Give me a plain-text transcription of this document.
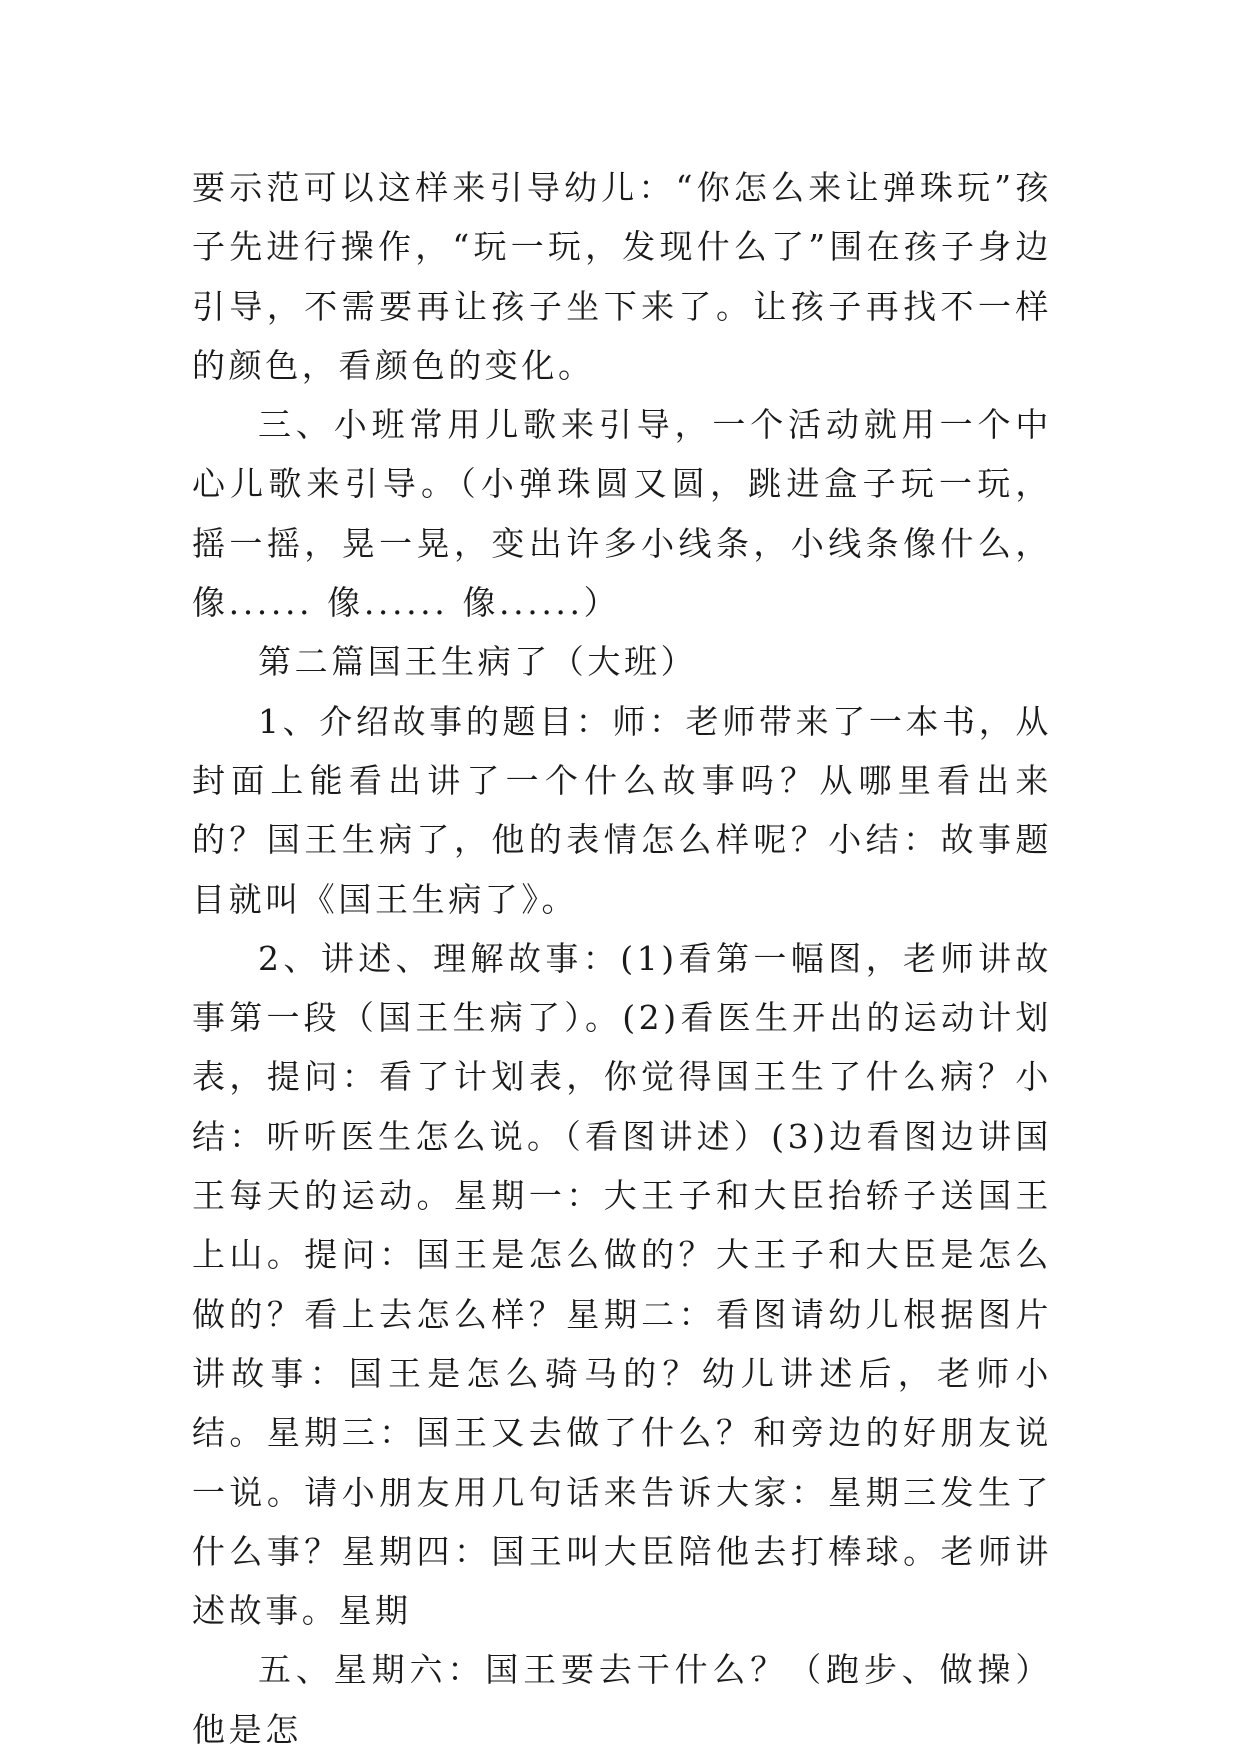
要示范可以这样来引导幼儿：“你怎么来让弹珠玩”孩子先进行操作，“玩一玩，发现什么了”围在孩子身边引导，不需要再让孩子坐下来了。让孩子再找不一样的颜色，看颜色的变化。

三、小班常用儿歌来引导，一个活动就用一个中心儿歌来引导。（小弹珠圆又圆，跳进盒子玩一玩，摇一摇，晃一晃，变出许多小线条，小线条像什么，像...... 像...... 像......）

第二篇国王生病了（大班）

1、介绍故事的题目：师：老师带来了一本书，从封面上能看出讲了一个什么故事吗？从哪里看出来的？国王生病了，他的表情怎么样呢？小结：故事题目就叫《国王生病了》。

2、讲述、理解故事：(1)看第一幅图，老师讲故事第一段（国王生病了）。(2)看医生开出的运动计划表，提问：看了计划表，你觉得国王生了什么病？小结：听听医生怎么说。（看图讲述）(3)边看图边讲国王每天的运动。星期一：大王子和大臣抬轿子送国王上山。提问：国王是怎么做的？大王子和大臣是怎么做的？看上去怎么样？星期二：看图请幼儿根据图片讲故事：国王是怎么骑马的？幼儿讲述后，老师小结。星期三：国王又去做了什么？和旁边的好朋友说一说。请小朋友用几句话来告诉大家：星期三发生了什么事？星期四：国王叫大臣陪他去打棒球。老师讲述故事。星期

五、星期六：国王要去干什么？（跑步、做操）他是怎
